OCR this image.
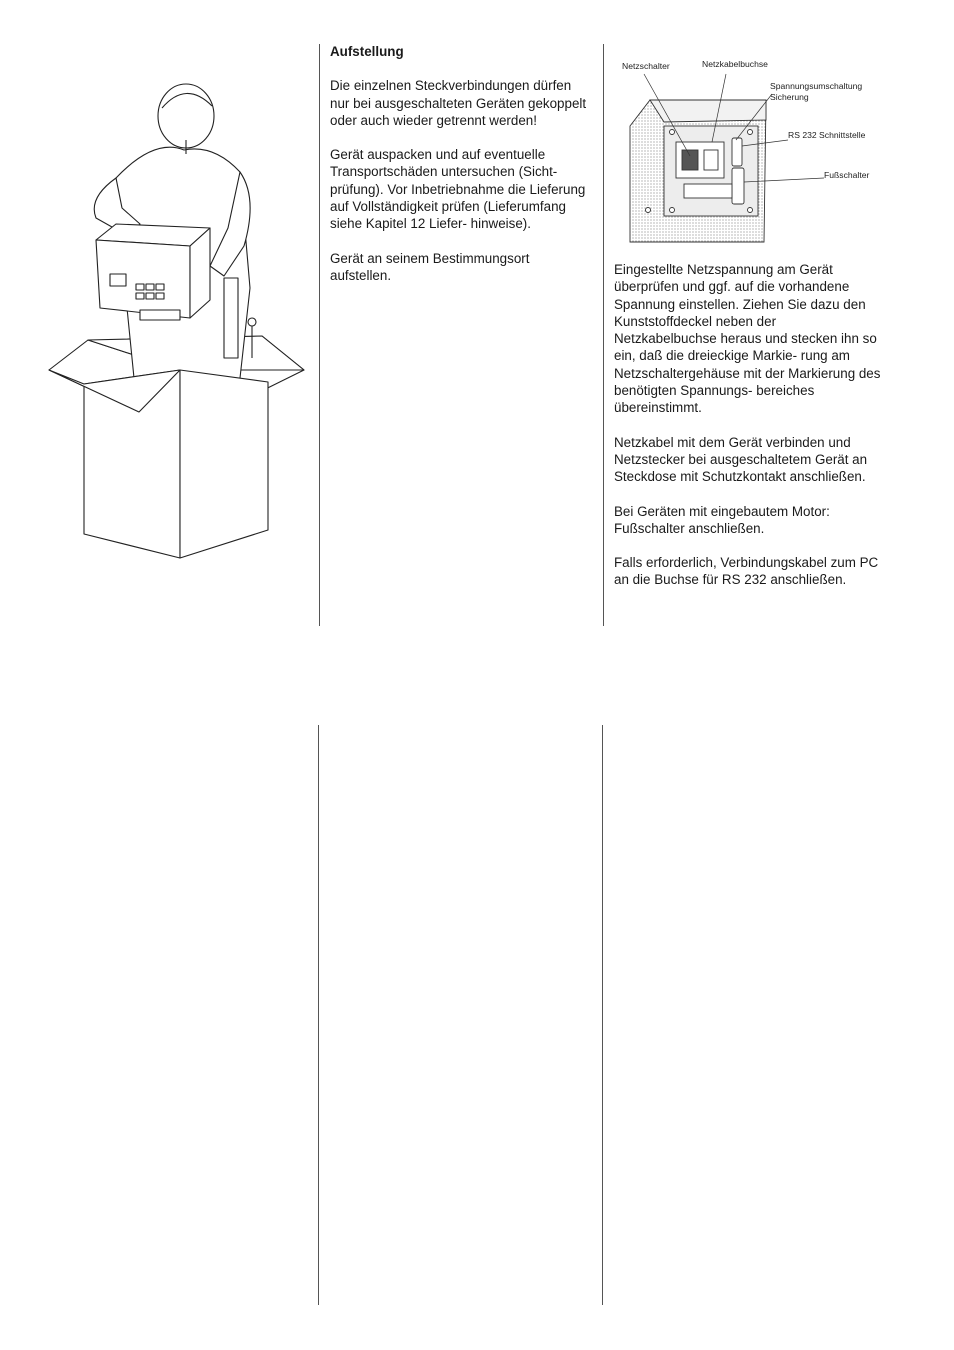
Aufstellung

Die einzelnen Steckverbindungen dürfen nur bei ausgeschalteten Geräten gekoppelt oder auch wieder getrennt werden!

Gerät auspacken und auf eventuelle Transportschäden untersuchen (Sicht- prüfung). Vor Inbetriebnahme die Lieferung auf Vollständigkeit prüfen (Lieferumfang siehe Kapitel 12 Liefer- hinweise).

Gerät an seinem Bestimmungsort aufstellen.

Netzschalter	Netzkabelbuchse
Spannungsumschaltung
Sicherung
RS 232 Schnittstelle
Fußschalter

Eingestellte Netzspannung am Gerät überprüfen und ggf. auf die vorhandene Spannung einstellen. Ziehen Sie dazu den Kunststoffdeckel neben der Netzkabelbuchse heraus und stecken ihn so ein, daß die dreieckige Markie- rung am Netzschaltergehäuse mit der Markierung des benötigten Spannungs- bereiches übereinstimmt.

Netzkabel mit dem Gerät verbinden und Netzstecker bei ausgeschaltetem Gerät an Steckdose mit Schutzkontakt anschließen.

Bei Geräten mit eingebautem Motor: Fußschalter anschließen.

Falls erforderlich, Verbindungskabel zum PC an die Buchse für RS 232 anschließen.
